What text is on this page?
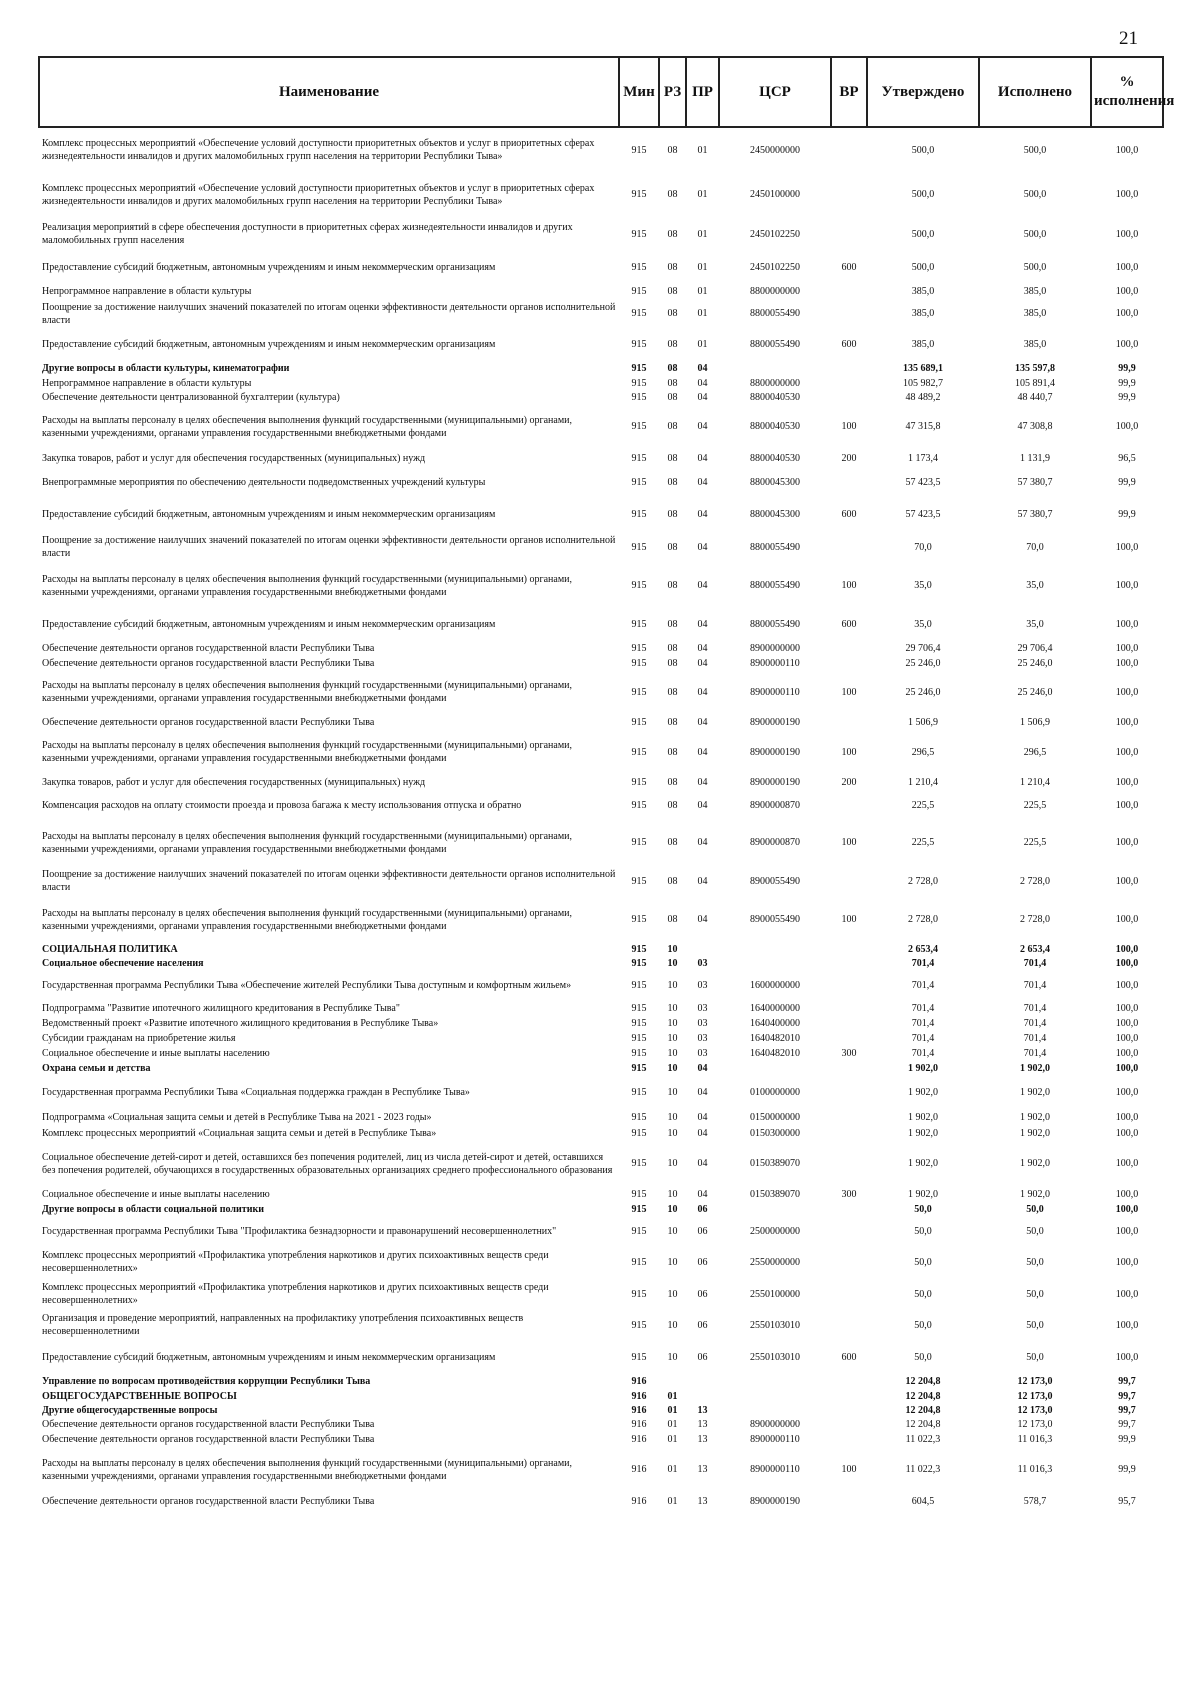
21
Наименование	Мин	РЗ	ПР	ЦСР	ВР	Утверждено	Исполнено	% исполнения
Комплекс процессных мероприятий «Обеспечение условий доступности приоритетных объектов и услуг в приоритетных сферах жизнедеятельности инвалидов и других маломобильных групп населения на территории Республики Тыва»	915	08	01	2450000000		500,0	500,0	100,0
Комплекс процессных мероприятий «Обеспечение условий доступности приоритетных объектов и услуг в приоритетных сферах жизнедеятельности инвалидов и других маломобильных групп населения на территории Республики Тыва»	915	08	01	2450100000		500,0	500,0	100,0
Реализация мероприятий в сфере обеспечения доступности в приоритетных сферах жизнедеятельности инвалидов и других маломобильных групп населения	915	08	01	2450102250		500,0	500,0	100,0
Предоставление субсидий бюджетным, автономным учреждениям и иным некоммерческим организациям	915	08	01	2450102250	600	500,0	500,0	100,0
Непрограммное направление в области культуры	915	08	01	8800000000		385,0	385,0	100,0
Поощрение за достижение наилучших значений показателей по итогам оценки эффективности деятельности органов исполнительной власти	915	08	01	8800055490		385,0	385,0	100,0
Предоставление субсидий бюджетным, автономным учреждениям и иным некоммерческим организациям	915	08	01	8800055490	600	385,0	385,0	100,0
Другие вопросы в области культуры, кинематографии	915	08	04			135 689,1	135 597,8	99,9
Непрограммное направление в области культуры	915	08	04	8800000000		105 982,7	105 891,4	99,9
Обеспечение деятельности централизованной бухгалтерии (культура)	915	08	04	8800040530		48 489,2	48 440,7	99,9
Расходы на выплаты персоналу в целях обеспечения выполнения функций государственными (муниципальными) органами, казенными учреждениями, органами управления государственными внебюджетными фондами	915	08	04	8800040530	100	47 315,8	47 308,8	100,0
Закупка товаров, работ и услуг для обеспечения государственных (муниципальных) нужд	915	08	04	8800040530	200	1 173,4	1 131,9	96,5
Внепрограммные мероприятия по обеспечению деятельности подведомственных учреждений культуры	915	08	04	8800045300		57 423,5	57 380,7	99,9
Предоставление субсидий бюджетным, автономным учреждениям и иным некоммерческим организациям	915	08	04	8800045300	600	57 423,5	57 380,7	99,9
Поощрение за достижение наилучших значений показателей по итогам оценки эффективности деятельности органов исполнительной власти	915	08	04	8800055490		70,0	70,0	100,0
Расходы на выплаты персоналу в целях обеспечения выполнения функций государственными (муниципальными) органами, казенными учреждениями, органами управления государственными внебюджетными фондами	915	08	04	8800055490	100	35,0	35,0	100,0
Предоставление субсидий бюджетным, автономным учреждениям и иным некоммерческим организациям	915	08	04	8800055490	600	35,0	35,0	100,0
Обеспечение деятельности органов государственной власти Республики Тыва	915	08	04	8900000000		29 706,4	29 706,4	100,0
Обеспечение деятельности органов государственной власти Республики Тыва	915	08	04	8900000110		25 246,0	25 246,0	100,0
Расходы на выплаты персоналу в целях обеспечения выполнения функций государственными (муниципальными) органами, казенными учреждениями, органами управления государственными внебюджетными фондами	915	08	04	8900000110	100	25 246,0	25 246,0	100,0
Обеспечение деятельности органов государственной власти Республики Тыва	915	08	04	8900000190		1 506,9	1 506,9	100,0
Расходы на выплаты персоналу в целях обеспечения выполнения функций государственными (муниципальными) органами, казенными учреждениями, органами управления государственными внебюджетными фондами	915	08	04	8900000190	100	296,5	296,5	100,0
Закупка товаров, работ и услуг для обеспечения государственных (муниципальных) нужд	915	08	04	8900000190	200	1 210,4	1 210,4	100,0
Компенсация расходов на оплату стоимости проезда и провоза багажа к месту использования отпуска и обратно	915	08	04	8900000870		225,5	225,5	100,0
Расходы на выплаты персоналу в целях обеспечения выполнения функций государственными (муниципальными) органами, казенными учреждениями, органами управления государственными внебюджетными фондами	915	08	04	8900000870	100	225,5	225,5	100,0
Поощрение за достижение наилучших значений показателей по итогам оценки эффективности деятельности органов исполнительной власти	915	08	04	8900055490		2 728,0	2 728,0	100,0
Расходы на выплаты персоналу в целях обеспечения выполнения функций государственными (муниципальными) органами, казенными учреждениями, органами управления государственными внебюджетными фондами	915	08	04	8900055490	100	2 728,0	2 728,0	100,0
СОЦИАЛЬНАЯ ПОЛИТИКА	915	10				2 653,4	2 653,4	100,0
Социальное обеспечение населения	915	10	03			701,4	701,4	100,0
Государственная программа Республики Тыва «Обеспечение жителей Республики Тыва доступным и комфортным жильем»	915	10	03	1600000000		701,4	701,4	100,0
Подпрограмма "Развитие ипотечного жилищного кредитования в Республике Тыва"	915	10	03	1640000000		701,4	701,4	100,0
Ведомственный проект «Развитие ипотечного жилищного кредитования в Республике Тыва»	915	10	03	1640400000		701,4	701,4	100,0
Субсидии гражданам на приобретение жилья	915	10	03	1640482010		701,4	701,4	100,0
Социальное обеспечение и иные выплаты населению	915	10	03	1640482010	300	701,4	701,4	100,0
Охрана семьи и детства	915	10	04			1 902,0	1 902,0	100,0
Государственная программа Республики Тыва «Социальная поддержка граждан в Республике Тыва»	915	10	04	0100000000		1 902,0	1 902,0	100,0
Подпрограмма «Социальная защита семьи и детей в Республике Тыва на 2021 - 2023 годы»	915	10	04	0150000000		1 902,0	1 902,0	100,0
Комплекс процессных мероприятий «Социальная защита семьи и детей в Республике Тыва»	915	10	04	0150300000		1 902,0	1 902,0	100,0
Социальное обеспечение детей-сирот и детей, оставшихся без попечения родителей, лиц из числа детей-сирот и детей, оставшихся без попечения родителей, обучающихся в государственных образовательных организациях среднего профессионального образования	915	10	04	0150389070		1 902,0	1 902,0	100,0
Социальное обеспечение и иные выплаты населению	915	10	04	0150389070	300	1 902,0	1 902,0	100,0
Другие вопросы в области социальной политики	915	10	06			50,0	50,0	100,0
Государственная программа Республики Тыва "Профилактика безнадзорности и правонарушений несовершеннолетних"	915	10	06	2500000000		50,0	50,0	100,0
Комплекс процессных мероприятий «Профилактика употребления наркотиков и других психоактивных веществ среди несовершеннолетних»	915	10	06	2550000000		50,0	50,0	100,0
Комплекс процессных мероприятий «Профилактика употребления наркотиков и других психоактивных веществ среди несовершеннолетних»	915	10	06	2550100000		50,0	50,0	100,0
Организация и проведение мероприятий, направленных на профилактику употребления психоактивных веществ несовершеннолетними	915	10	06	2550103010		50,0	50,0	100,0
Предоставление субсидий бюджетным, автономным учреждениям и иным некоммерческим организациям	915	10	06	2550103010	600	50,0	50,0	100,0
Управление по вопросам противодействия коррупции Республики Тыва	916					12 204,8	12 173,0	99,7
ОБЩЕГОСУДАРСТВЕННЫЕ ВОПРОСЫ	916	01				12 204,8	12 173,0	99,7
Другие общегосударственные вопросы	916	01	13			12 204,8	12 173,0	99,7
Обеспечение деятельности органов государственной власти Республики Тыва	916	01	13	8900000000		12 204,8	12 173,0	99,7
Обеспечение деятельности органов государственной власти Республики Тыва	916	01	13	8900000110		11 022,3	11 016,3	99,9
Расходы на выплаты персоналу в целях обеспечения выполнения функций государственными (муниципальными) органами, казенными учреждениями, органами управления государственными внебюджетными фондами	916	01	13	8900000110	100	11 022,3	11 016,3	99,9
Обеспечение деятельности органов государственной власти Республики Тыва	916	01	13	8900000190		604,5	578,7	95,7
